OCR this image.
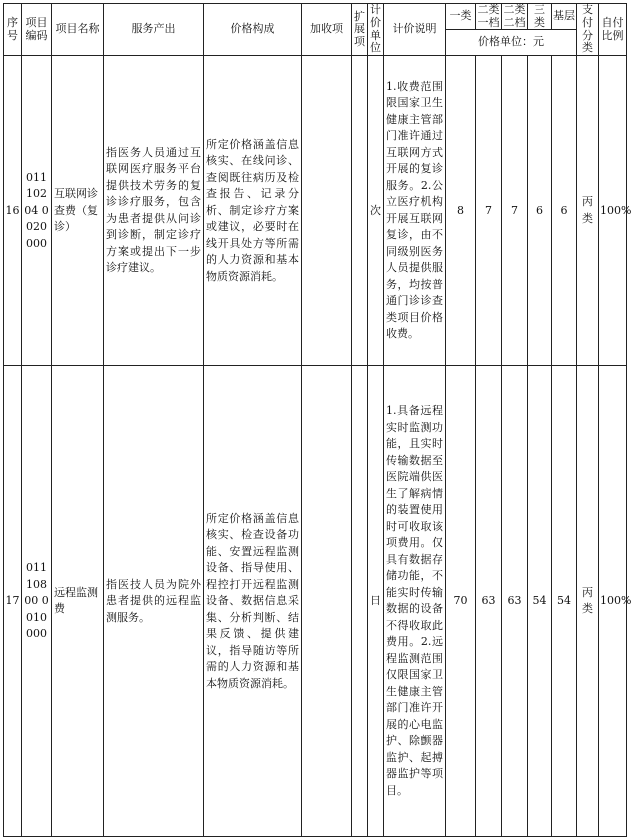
序号	项目编码	项目名称	服务产出	价格构成	加收项	扩展项	计价单位	计价说明	一类	二类一档	二类二档	三类	基层	支付分类	自付比例
									价格单位：元						
16	01110204 0020000	互联网诊查费（复诊）	指医务人员通过互联网医疗服务平台提供技术劳务的复诊诊疗服务，包含为患者提供从问诊到诊断，制定诊疗方案或提出下一步诊疗建议。	所定价格涵盖信息核实、在线问诊、查阅既往病历及检查报告、记录分析、制定诊疗方案或建议，必要时在线开具处方等所需的人力资源和基本物质资源消耗。			次	1.收费范围限国家卫生健康主管部门准许通过互联网方式开展的复诊服务。2.公立医疗机构开展互联网复诊，由不同级别医务人员提供服务，均按普通门诊诊查类项目价格收费。	8	7	7	6	6	丙类	100%
17	01110800 0010000	远程监测费	指医技人员为院外患者提供的远程监测服务。	所定价格涵盖信息核实、检查设备功能、安置远程监测设备、指导使用、程控打开远程监测设备、数据信息采集、分析判断、结果反馈、提供建议，指导随访等所需的人力资源和基本物质资源消耗。			日	1.具备远程实时监测功能，且实时传输数据至医院端供医生了解病情的装置使用时可收取该项费用。仅具有数据存储功能，不能实时传输数据的设备不得收取此费用。2.远程监测范围仅限国家卫生健康主管部门准许开展的心电监护、除颤器监护、起搏器监护等项目。	70	63	63	54	54	丙类	100%
